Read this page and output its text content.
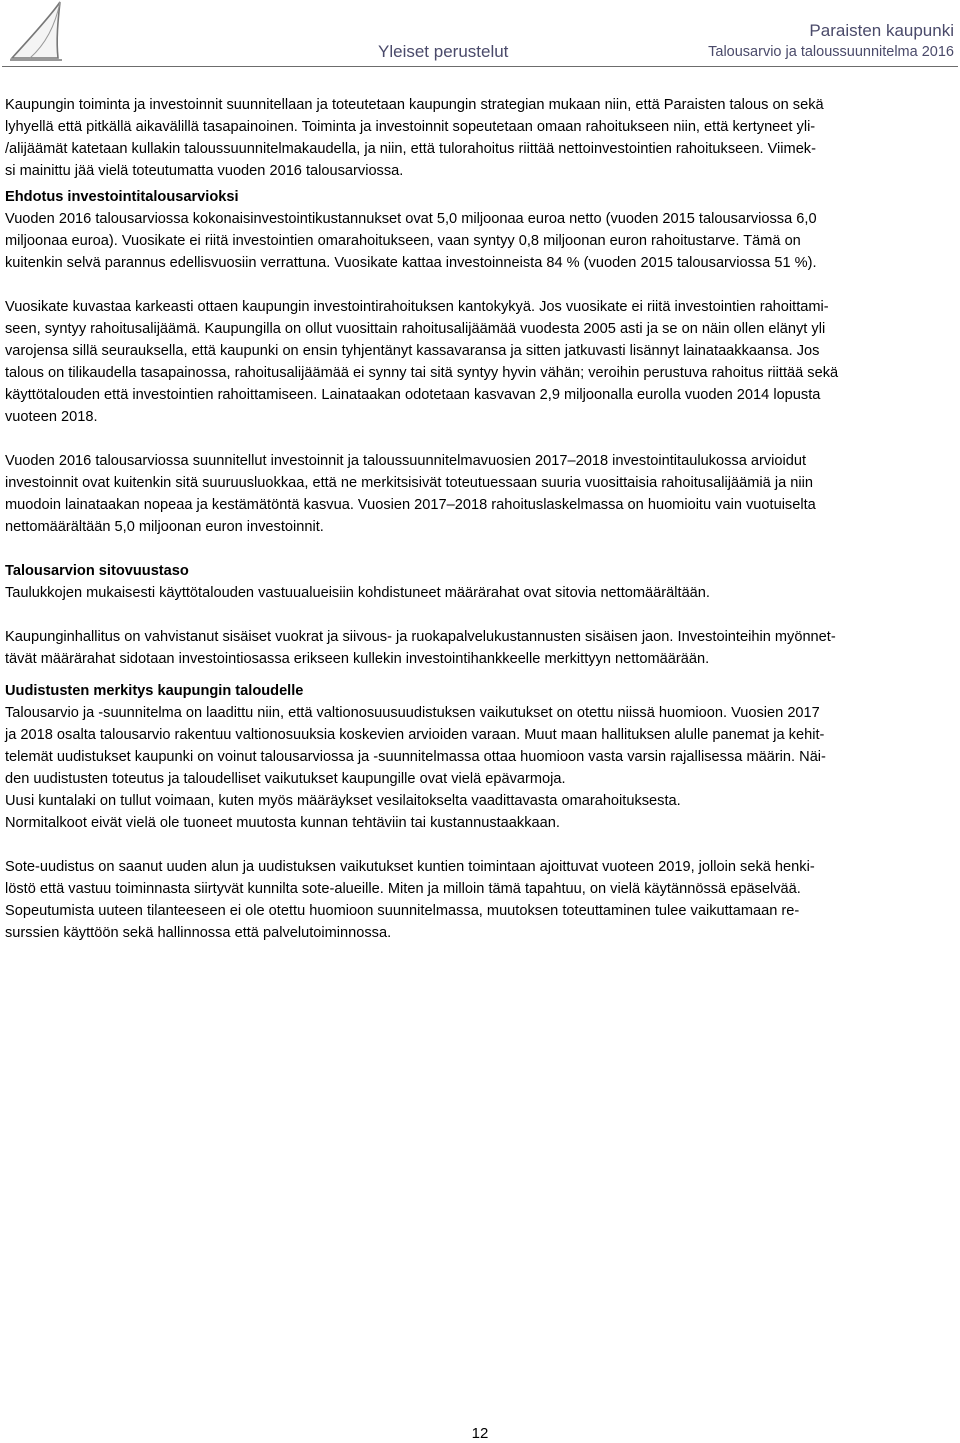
Yleiset perustelut
Paraisten kaupunki
Talousarvio ja taloussuunnitelma 2016

Kaupungin toiminta ja investoinnit suunnitellaan ja toteutetaan kaupungin strategian mukaan niin, että Paraisten talous on sekä

lyhyellä että pitkällä aikavälillä tasapainoinen. Toiminta ja investoinnit sopeutetaan omaan rahoitukseen niin, että kertyneet yli-

/alijäämät katetaan kullakin taloussuunnitelmakaudella, ja niin, että tulorahoitus riittää nettoinvestointien rahoitukseen. Viimek-

si mainittu jää vielä toteutumatta vuoden 2016 talousarviossa.

Ehdotus investointitalousarvioksi

Vuoden 2016 talousarviossa kokonaisinvestointikustannukset ovat 5,0 miljoonaa euroa netto (vuoden 2015 talousarviossa 6,0

miljoonaa euroa). Vuosikate ei riitä investointien omarahoitukseen, vaan syntyy 0,8 miljoonan euron rahoitustarve. Tämä on

kuitenkin selvä parannus edellisvuosiin verrattuna. Vuosikate kattaa investoinneista 84 % (vuoden 2015 talousarviossa 51 %).

Vuosikate kuvastaa karkeasti ottaen kaupungin investointirahoituksen kantokykyä. Jos vuosikate ei riitä investointien rahoittami-

seen, syntyy rahoitusalijäämä. Kaupungilla on ollut vuosittain rahoitusalijäämää vuodesta 2005 asti ja se on näin ollen elänyt yli

varojensa sillä seurauksella, että kaupunki on ensin tyhjentänyt kassavaransa ja sitten jatkuvasti lisännyt lainataakkaansa. Jos

talous on tilikaudella tasapainossa, rahoitusalijäämää ei synny tai sitä syntyy hyvin vähän; veroihin perustuva rahoitus riittää sekä

käyttötalouden että investointien rahoittamiseen. Lainataakan odotetaan kasvavan 2,9 miljoonalla eurolla vuoden 2014 lopusta

vuoteen 2018.

Vuoden 2016 talousarviossa suunnitellut investoinnit ja taloussuunnitelmavuosien 2017–2018 investointitaulukossa arvioidut

investoinnit ovat kuitenkin sitä suuruusluokkaa, että ne merkitsisivät toteutuessaan suuria vuosittaisia rahoitusalijäämiä ja niin

muodoin lainataakan nopeaa ja kestämätöntä kasvua. Vuosien 2017–2018 rahoituslaskelmassa on huomioitu vain vuotuiselta

nettomäärältään 5,0 miljoonan euron investoinnit.

Talousarvion sitovuustaso

Taulukkojen mukaisesti käyttötalouden vastuualueisiin kohdistuneet määrärahat ovat sitovia nettomäärältään.

Kaupunginhallitus on vahvistanut sisäiset vuokrat ja siivous- ja ruokapalvelukustannusten sisäisen jaon. Investointeihin myönnet-

tävät määrärahat sidotaan investointiosassa erikseen kullekin investointihankkeelle merkittyyn nettomäärään.

Uudistusten merkitys kaupungin taloudelle

Talousarvio ja -suunnitelma on laadittu niin, että valtionosuusuudistuksen vaikutukset on otettu niissä huomioon. Vuosien 2017

ja 2018 osalta talousarvio rakentuu valtionosuuksia koskevien arvioiden varaan. Muut maan hallituksen alulle panemat ja kehit-

telemät uudistukset kaupunki on voinut talousarviossa ja -suunnitelmassa ottaa huomioon vasta varsin rajallisessa määrin. Näi-

den uudistusten toteutus ja taloudelliset vaikutukset kaupungille ovat vielä epävarmoja.

Uusi kuntalaki on tullut voimaan, kuten myös määräykset vesilaitokselta vaadittavasta omarahoituksesta.

Normitalkoot eivät vielä ole tuoneet muutosta kunnan tehtäviin tai kustannustaakkaan.

Sote-uudistus on saanut uuden alun ja uudistuksen vaikutukset kuntien toimintaan ajoittuvat vuoteen 2019, jolloin sekä henki-

löstö että vastuu toiminnasta siirtyvät kunnilta sote-alueille. Miten ja milloin tämä tapahtuu, on vielä käytännössä epäselvää.

Sopeutumista uuteen tilanteeseen ei ole otettu huomioon suunnitelmassa, muutoksen toteuttaminen tulee vaikuttamaan re-

surssien käyttöön sekä hallinnossa että palvelutoiminnossa.

12
